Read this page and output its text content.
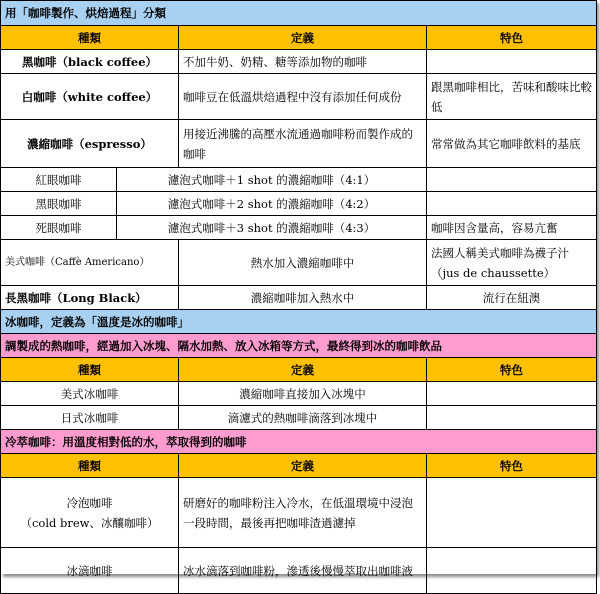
用「咖啡製作、烘焙過程」分類			
種類		定義	特色
黑咖啡（black coffee）		不加牛奶、奶精、糖等添加物的咖啡	
白咖啡（white coffee）		咖啡豆在低溫烘焙過程中沒有添加任何成份	跟黑咖啡相比，苦味和酸味比較低
濃縮咖啡（espresso）		用接近沸騰的高壓水流通過咖啡粉而製作成的咖啡	常常做為其它咖啡飲料的基底
紅眼咖啡	濾泡式咖啡＋1 shot 的濃縮咖啡（4:1）		
黑眼咖啡	濾泡式咖啡＋2 shot 的濃縮咖啡（4:2）		
死眼咖啡	濾泡式咖啡＋3 shot 的濃縮咖啡（4:3）		咖啡因含量高，容易亢奮
美式咖啡（Caffè Americano）		熱水加入濃縮咖啡中	法國人稱美式咖啡為襪子汁（jus de chaussette）
長黑咖啡（Long Black）		濃縮咖啡加入熱水中	流行在紐澳
冰咖啡，定義為「溫度是冰的咖啡」			
調製成的熱咖啡，經過加入冰塊、隔水加熱、放入冰箱等方式，最終得到冰的咖啡飲品			
種類		定義	特色
美式冰咖啡		濃縮咖啡直接加入冰塊中	
日式冰咖啡		滴濾式的熱咖啡滴落到冰塊中	
冷萃咖啡：用溫度相對低的水，萃取得到的咖啡			
種類		定義	特色

冷泡咖啡
（cold brew、冰釀咖啡）		研磨好的咖啡粉注入冷水，在低溫環境中浸泡一段時間，最後再把咖啡渣過濾掉	

冰滴咖啡		冰水滴落到咖啡粉，滲透後慢慢萃取出咖啡液	
